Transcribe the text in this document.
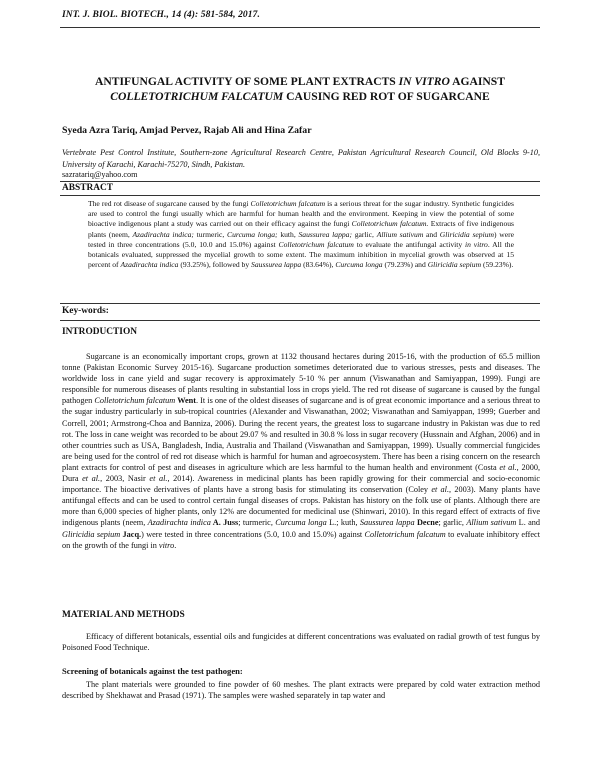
INT. J. BIOL. BIOTECH., 14 (4): 581-584, 2017.
ANTIFUNGAL ACTIVITY OF SOME PLANT EXTRACTS IN VITRO AGAINST
COLLETOTRICHUM FALCATUM CAUSING RED ROT OF SUGARCANE
Syeda Azra Tariq, Amjad Pervez, Rajab Ali and Hina Zafar
Vertebrate Pest Control Institute, Southern-zone Agricultural Research Centre, Pakistan Agricultural Research Council, Old Blocks 9-10, University of Karachi, Karachi-75270, Sindh, Pakistan.
sazratariq@yahoo.com
ABSTRACT

The red rot disease of sugarcane caused by the fungi Colletotrichum falcatum is a serious threat for the sugar industry. Synthetic fungicides are used to control the fungi usually which are harmful for human health and the environment. Keeping in view the potential of some bioactive indigenous plant a study was carried out on their efficacy against the fungi Colletotrichum falcatum. Extracts of five indigenous plants (neem, Azadirachta indica; turmeric, Curcuma longa; kuth, Saussurea lappa; garlic, Allium sativum and Gliricidia sepium) were tested in three concentrations (5.0, 10.0 and 15.0%) against Colletotrichum falcatum to evaluate the antifungal activity in vitro. All the botanicals evaluated, suppressed the mycelial growth to some extent. The maximum inhibition in mycelial growth was observed at 15 percent of Azadirachta indica (93.25%), followed by Saussurea lappa (83.64%), Curcuma longa (79.23%) and Gliricidia sepium (59.23%).

Key-words:
INTRODUCTION

Sugarcane is an economically important crops, grown at 1132 thousand hectares during 2015-16, with the production of 65.5 million tonne (Pakistan Economic Survey 2015-16). Sugarcane production sometimes deteriorated due to various stresses, pests and diseases. The worldwide loss in cane yield and sugar recovery is approximately 5-10 % per annum (Viswanathan and Samiyappan, 1999). Fungi are responsible for numerous diseases of plants resulting in substantial loss in crops yield. The red rot disease of sugarcane is caused by the fungal pathogen Colletotrichum falcatum Went. It is one of the oldest diseases of sugarcane and is of great economic importance and a serious threat to the sugar industry particularly in sub-tropical countries (Alexander and Viswanathan, 2002; Viswanathan and Samiyappan, 1999; Guerber and Correll, 2001; Armstrong-Choa and Banniza, 2006). During the recent years, the greatest loss to sugarcane industry in Pakistan was due to red rot. The loss in cane weight was recorded to be about 29.07 % and resulted in 30.8 % loss in sugar recovery (Hussnain and Afghan, 2006) and in other countries such as USA, Bangladesh, India, Australia and Thailand (Viswanathan and Samiyappan, 1999). Usually commercial fungicides are being used for the control of red rot disease which is harmful for human and agroecosystem. There has been a rising concern on the research plant extracts for control of pest and diseases in agriculture which are less harmful to the human health and environment (Costa et al., 2000, Dura et al., 2003, Nasir et al., 2014). Awareness in medicinal plants has been rapidly growing for their commercial and socio-economic importance. The bioactive derivatives of plants have a strong basis for stimulating its conservation (Coley et al., 2003). Many plants have antifungal effects and can be used to control certain fungal diseases of crops. Pakistan has history on the folk use of plants. Although there are more than 6,000 species of higher plants, only 12% are documented for medicinal use (Shinwari, 2010). In this regard effect of extracts of five indigenous plants (neem, Azadirachta indica A. Juss; turmeric, Curcuma longa L.; kuth, Saussurea lappa Decne; garlic, Allium sativum L. and Gliricidia sepium Jacq.) were tested in three concentrations (5.0, 10.0 and 15.0%) against Colletotrichum falcatum to evaluate inhibitory effect on the growth of the fungi in vitro.

MATERIAL AND METHODS

Efficacy of different botanicals, essential oils and fungicides at different concentrations was evaluated on radial growth of test fungus by Poisoned Food Technique.

Screening of botanicals against the test pathogen:

The plant materials were grounded to fine powder of 60 meshes. The plant extracts were prepared by cold water extraction method described by Shekhawat and Prasad (1971). The samples were washed separately in tap water and
